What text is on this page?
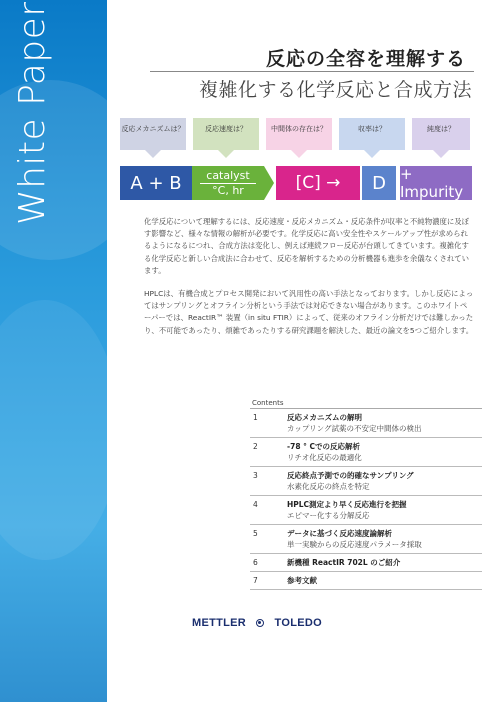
White Paper	反応の全容を理解する
複雑化する化学反応と合成方法
反応メカニズムは？	反応速度は？	中間体の存在は？	収率は？	純度は？
A + B	catalyst
°C, hr	[C] →	D + Impurity
化学反応について理解するには、反応速度・反応メカニズム・反応条件が収率と不純物濃度に及ぼす影響など、様々な情報の解析が必要です。化学反応に高い安全性やスケールアップ性が求められるようになるにつれ、合成方法は変化し、例えば連続フロー反応が台頭してきています。複雑化する化学反応と新しい合成法に合わせて、反応を解析するための分析機器も進歩を余儀なくされています。
HPLCは、有機合成とプロセス開発において汎用性の高い手法となっております。しかし反応によってはサンプリングとオフライン分析という手法では対応できない場合があります。このホワイトペーパーでは、ReactIR™ 装置（in situ FTIR）によって、従来のオフライン分析だけでは難しかったり、不可能であったり、煩雑であったりする研究課題を解決した、最近の論文を5つご紹介します。
Contents
1	反応メカニズムの解明
カップリング試薬の不安定中間体の検出
2	-78 ° Cでの反応解析
リチオ化反応の最適化
3	反応終点予測での的確なサンプリング
水素化反応の終点を特定
4	HPLC測定より早く反応進行を把握
エピマー化する分解反応
5	データに基づく反応速度論解析
単一実験からの反応速度パラメータ採取
6	新機種 ReactIR 702L のご紹介
7	参考文献
METTLER	TOLEDO
